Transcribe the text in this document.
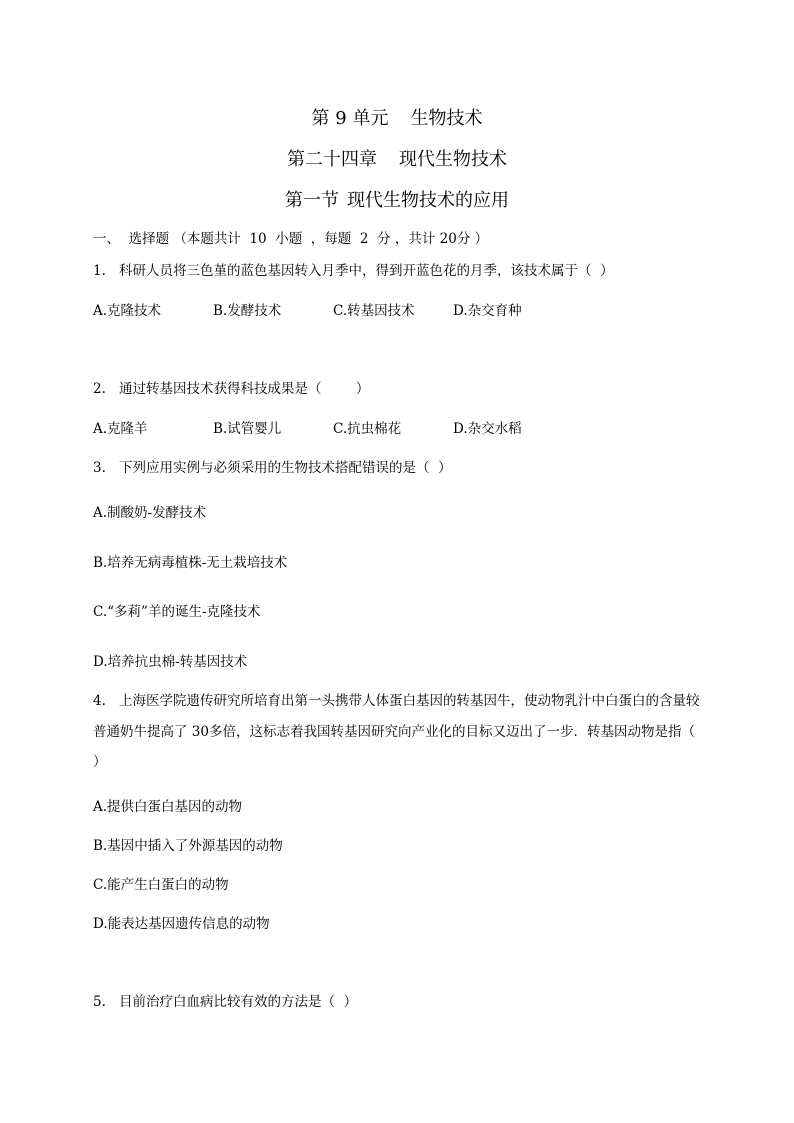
第 9 单元 生物技术
第二十四章 现代生物技术
第一节 现代生物技术的应用
一、  选择题 （本题共计  10  小题  ，每题  2  分 ，共计 20分 ）
1. 科研人员将三色堇的蓝色基因转入月季中，得到开蓝色花的月季，该技术属于（  ）
A.克隆技术	B.发酵技术	C.转基因技术	D.杂交育种
2. 通过转基因技术获得科技成果是（        ）
A.克隆羊	B.试管婴儿	C.抗虫棉花	D.杂交水稻
3. 下列应用实例与必须采用的生物技术搭配错误的是（  ）
A.制酸奶-发酵技术
B.培养无病毒植株-无土栽培技术
C.“多莉”羊的诞生-克隆技术
D.培养抗虫棉-转基因技术
4. 上海医学院遗传研究所培育出第一头携带人体蛋白基因的转基因牛，使动物乳汁中白蛋白的含量较普通奶牛提高了 30多倍，这标志着我国转基因研究向产业化的目标又迈出了一步．转基因动物是指（ ）
A.提供白蛋白基因的动物
B.基因中插入了外源基因的动物
C.能产生白蛋白的动物
D.能表达基因遗传信息的动物
5. 目前治疗白血病比较有效的方法是（  ）
